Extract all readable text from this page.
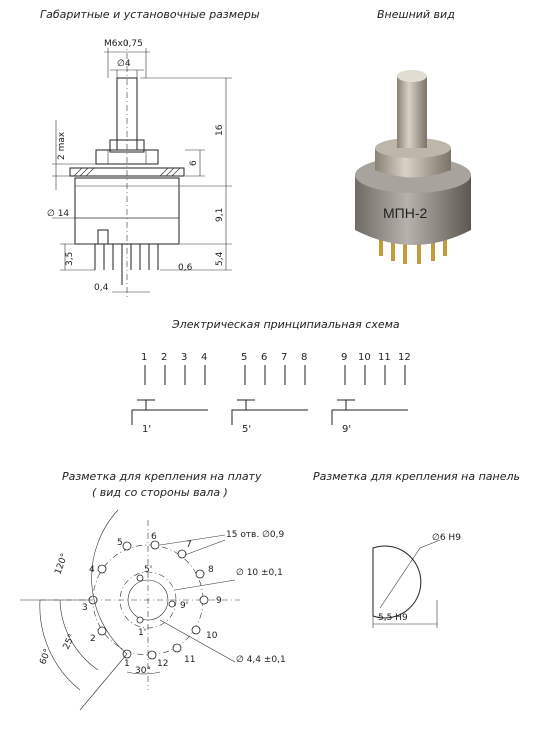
Габаритные и установочные размеры	Внешний вид
Электрическая принципиальная схема
Разметка для крепления на плату
( вид со стороны вала )
Разметка для крепления на панель
М6х0,75
∅4
16
6
9,1
5,4
2 max
∅ 14
3,5
0,6
0,4
МПН-2
1 2 3 4	5 6 7 8	9 10 11 12
1'	5'	9'
120°
60°
25°
30°
15 отв. ∅0,9
∅ 10 ±0,1
∅ 4,4 ±0,1
1
2
3
4
5
6
7
8
9
10
11
12
1'
5'
9'
∅6 Н9
5,5 Н9
